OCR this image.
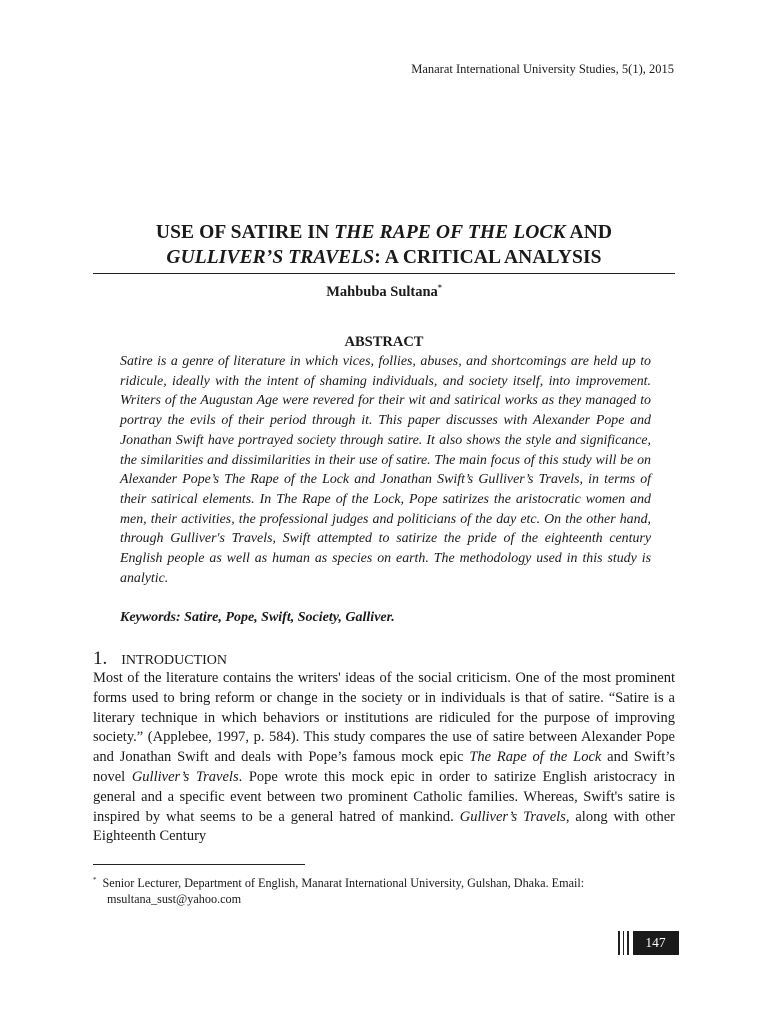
Manarat International University Studies, 5(1), 2015
USE OF SATIRE IN THE RAPE OF THE LOCK AND
GULLIVER’S TRAVELS: A CRITICAL ANALYSIS
Mahbuba Sultana*
ABSTRACT
Satire is a genre of literature in which vices, follies, abuses, and shortcomings are held up to ridicule, ideally with the intent of shaming individuals, and society itself, into improvement. Writers of the Augustan Age were revered for their wit and satirical works as they managed to portray the evils of their period through it. This paper discusses with Alexander Pope and Jonathan Swift have portrayed society through satire. It also shows the style and significance, the similarities and dissimilarities in their use of satire. The main focus of this study will be on Alexander Pope’s The Rape of the Lock and Jonathan Swift’s Gulliver’s Travels, in terms of their satirical elements. In The Rape of the Lock, Pope satirizes the aristocratic women and men, their activities, the professional judges and politicians of the day etc. On the other hand, through Gulliver's Travels, Swift attempted to satirize the pride of the eighteenth century English people as well as human as species on earth. The methodology used in this study is analytic.
Keywords: Satire, Pope, Swift, Society, Galliver.
1. INTRODUCTION
Most of the literature contains the writers' ideas of the social criticism. One of the most prominent forms used to bring reform or change in the society or in individuals is that of satire. “Satire is a literary technique in which behaviors or institutions are ridiculed for the purpose of improving society.” (Applebee, 1997, p. 584). This study compares the use of satire between Alexander Pope and Jonathan Swift and deals with Pope’s famous mock epic The Rape of the Lock and Swift’s novel Gulliver’s Travels. Pope wrote this mock epic in order to satirize English aristocracy in general and a specific event between two prominent Catholic families. Whereas, Swift's satire is inspired by what seems to be a general hatred of mankind. Gulliver’s Travels, along with other Eighteenth Century
* Senior Lecturer, Department of English, Manarat International University, Gulshan, Dhaka. Email:
msultana_sust@yahoo.com
147
